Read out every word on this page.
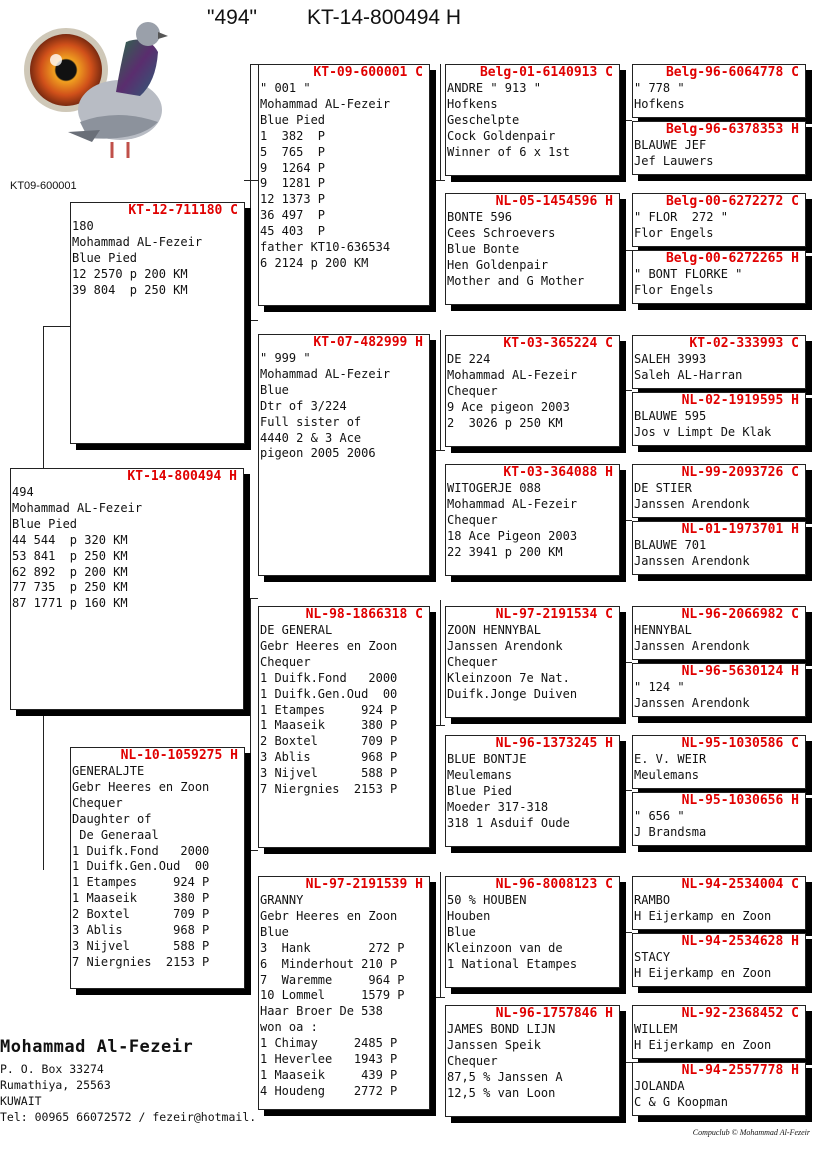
"494" KT-14-800494 H
KT09-600001
KT-14-800494 H
494
Mohammad AL-Fezeir
Blue Pied
44 544  p 320 KM
53 841  p 250 KM
62 892  p 200 KM
77 735  p 250 KM
87 1771 p 160 KM
KT-12-711180 C
180
Mohammad AL-Fezeir
Blue Pied
12 2570 p 200 KM
39 804  p 250 KM
NL-10-1059275 H
GENERALJTE
Gebr Heeres en Zoon
Chequer
Daughter of
De Generaal
1 Duifk.Fond   2000
1 Duifk.Gen.Oud  00
1 Etampes     924 P
1 Maaseik     380 P
2 Boxtel      709 P
3 Ablis       968 P
3 Nijvel      588 P
7 Niergnies  2153 P
KT-09-600001 C
" 001 "
Mohammad AL-Fezeir
Blue Pied
1  382  P
5  765  P
9  1264 P
9  1281 P
12 1373 P
36 497  P
45 403  P
father KT10-636534
6 2124 p 200 KM
KT-07-482999 H
" 999 "
Mohammad AL-Fezeir
Blue
Dtr of 3/224
Full sister of
4440 2 & 3 Ace
pigeon 2005 2006
NL-98-1866318 C
DE GENERAL
Gebr Heeres en Zoon
Chequer
1 Duifk.Fond   2000
1 Duifk.Gen.Oud  00
1 Etampes     924 P
1 Maaseik     380 P
2 Boxtel      709 P
3 Ablis       968 P
3 Nijvel      588 P
7 Niergnies  2153 P
NL-97-2191539 H
GRANNY
Gebr Heeres en Zoon
Blue
3  Hank        272 P
6  Minderhout 210 P
7  Waremme     964 P
10 Lommel     1579 P
Haar Broer De 538
won oa :
1 Chimay     2485 P
1 Heverlee   1943 P
1 Maaseik     439 P
4 Houdeng    2772 P
Belg-01-6140913 C
ANDRE " 913 "
Hofkens
Geschelpte
Cock Goldenpair
Winner of 6 x 1st
NL-05-1454596 H
BONTE 596
Cees Schroevers
Blue Bonte
Hen Goldenpair
Mother and G Mother
KT-03-365224 C
DE 224
Mohammad AL-Fezeir
Chequer
9 Ace pigeon 2003
2  3026 p 250 KM
KT-03-364088 H
WITOGERJE 088
Mohammad AL-Fezeir
Chequer
18 Ace Pigeon 2003
22 3941 p 200 KM
NL-97-2191534 C
ZOON HENNYBAL
Janssen Arendonk
Chequer
Kleinzoon 7e Nat.
Duifk.Jonge Duiven
NL-96-1373245 H
BLUE BONTJE
Meulemans
Blue Pied
Moeder 317-318
318 1 Asduif Oude
NL-96-8008123 C
50 % HOUBEN
Houben
Blue
Kleinzoon van de
1 National Etampes
NL-96-1757846 H
JAMES BOND LIJN
Janssen Speik
Chequer
87,5 % Janssen A
12,5 % van Loon
Belg-96-6064778 C
" 778 "
Hofkens
Belg-96-6378353 H
BLAUWE JEF
Jef Lauwers
Belg-00-6272272 C
" FLOR  272 "
Flor Engels
Belg-00-6272265 H
" BONT FLORKE "
Flor Engels
KT-02-333993 C
SALEH 3993
Saleh AL-Harran
NL-02-1919595 H
BLAUWE 595
Jos v Limpt De Klak
NL-99-2093726 C
DE STIER
Janssen Arendonk
NL-01-1973701 H
BLAUWE 701
Janssen Arendonk
NL-96-2066982 C
HENNYBAL
Janssen Arendonk
NL-96-5630124 H
" 124 "
Janssen Arendonk
NL-95-1030586 C
E. V. WEIR
Meulemans
NL-95-1030656 H
" 656 "
J Brandsma
NL-94-2534004 C
RAMBO
H Eijerkamp en Zoon
NL-94-2534628 H
STACY
H Eijerkamp en Zoon
NL-92-2368452 C
WILLEM
H Eijerkamp en Zoon
NL-94-2557778 H
JOLANDA
C & G Koopman
Mohammad Al-Fezeir
P. O. Box 33274
Rumathiya, 25563
KUWAIT
Tel: 00965 66072572 / fezeir@hotmail.
Compuclub © Mohammad Al-Fezeir
